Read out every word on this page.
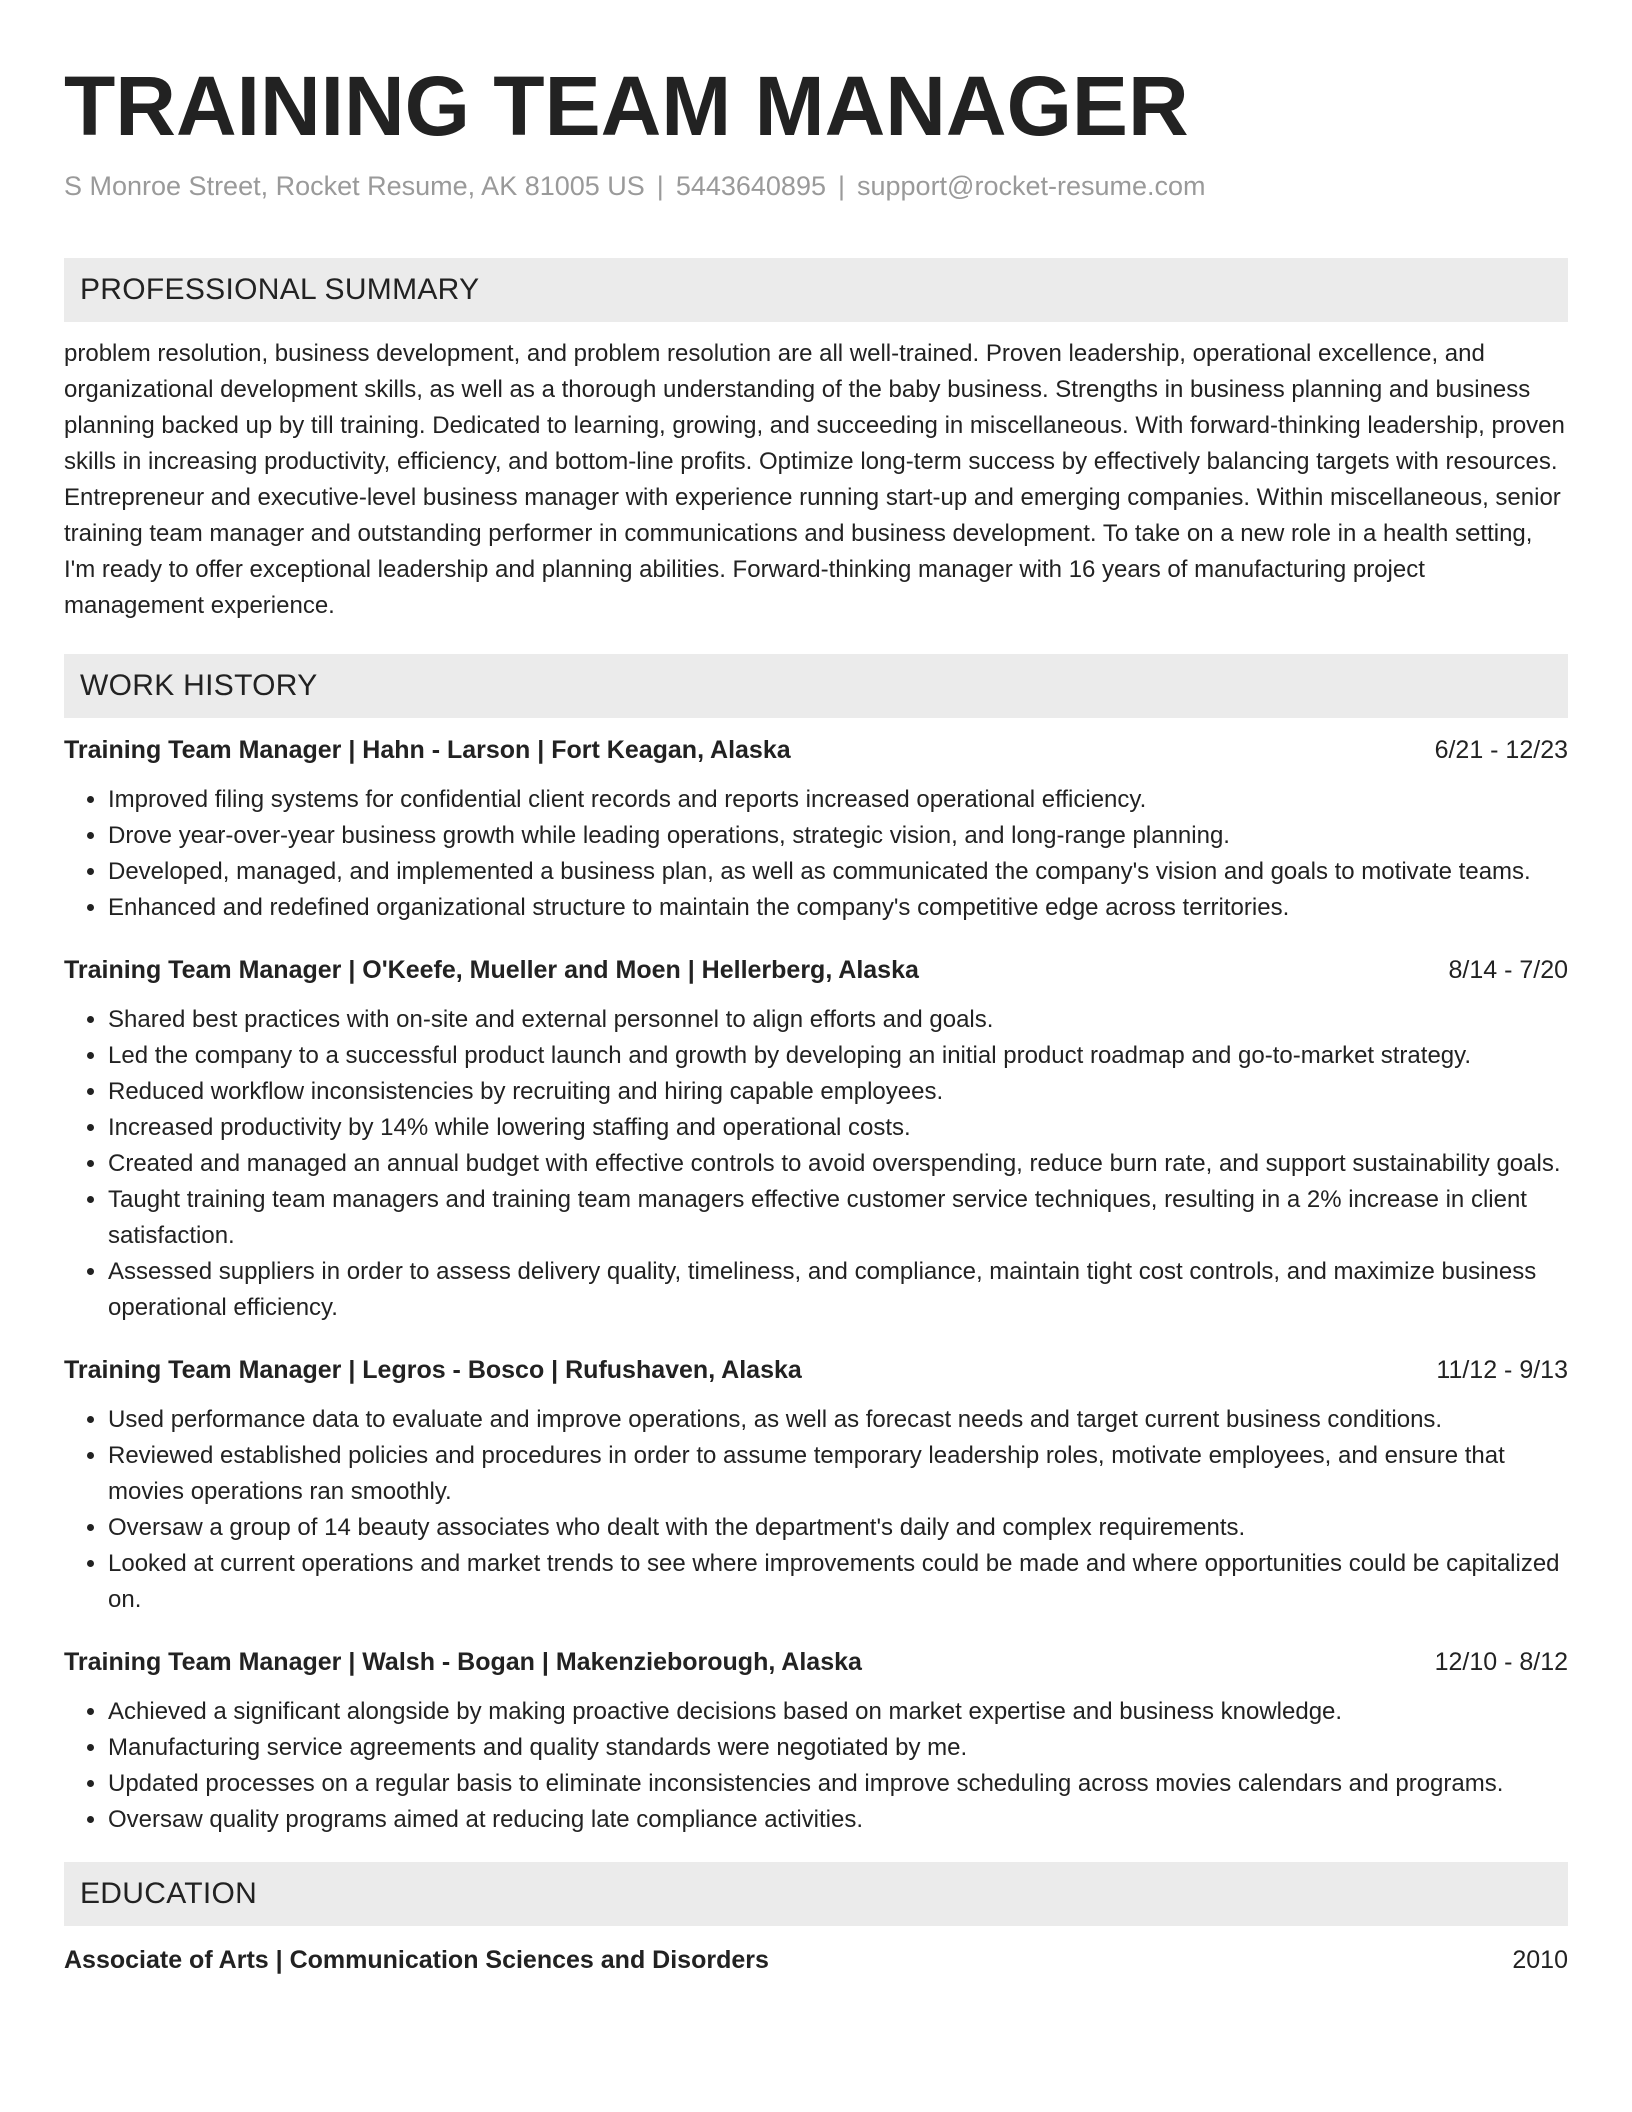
TRAINING TEAM MANAGER
S Monroe Street, Rocket Resume, AK 81005 US | 5443640895 | support@rocket-resume.com
PROFESSIONAL SUMMARY
problem resolution, business development, and problem resolution are all well-trained. Proven leadership, operational excellence, and organizational development skills, as well as a thorough understanding of the baby business. Strengths in business planning and business planning backed up by till training. Dedicated to learning, growing, and succeeding in miscellaneous. With forward-thinking leadership, proven skills in increasing productivity, efficiency, and bottom-line profits. Optimize long-term success by effectively balancing targets with resources. Entrepreneur and executive-level business manager with experience running start-up and emerging companies. Within miscellaneous, senior training team manager and outstanding performer in communications and business development. To take on a new role in a health setting, I'm ready to offer exceptional leadership and planning abilities. Forward-thinking manager with 16 years of manufacturing project management experience.
WORK HISTORY
Training Team Manager | Hahn - Larson | Fort Keagan, Alaska	6/21 - 12/23
• Improved filing systems for confidential client records and reports increased operational efficiency.
• Drove year-over-year business growth while leading operations, strategic vision, and long-range planning.
• Developed, managed, and implemented a business plan, as well as communicated the company's vision and goals to motivate teams.
• Enhanced and redefined organizational structure to maintain the company's competitive edge across territories.
Training Team Manager | O'Keefe, Mueller and Moen | Hellerberg, Alaska	8/14 - 7/20
• Shared best practices with on-site and external personnel to align efforts and goals.
• Led the company to a successful product launch and growth by developing an initial product roadmap and go-to-market strategy.
• Reduced workflow inconsistencies by recruiting and hiring capable employees.
• Increased productivity by 14% while lowering staffing and operational costs.
• Created and managed an annual budget with effective controls to avoid overspending, reduce burn rate, and support sustainability goals.
• Taught training team managers and training team managers effective customer service techniques, resulting in a 2% increase in client satisfaction.
• Assessed suppliers in order to assess delivery quality, timeliness, and compliance, maintain tight cost controls, and maximize business operational efficiency.
Training Team Manager | Legros - Bosco | Rufushaven, Alaska	11/12 - 9/13
• Used performance data to evaluate and improve operations, as well as forecast needs and target current business conditions.
• Reviewed established policies and procedures in order to assume temporary leadership roles, motivate employees, and ensure that movies operations ran smoothly.
• Oversaw a group of 14 beauty associates who dealt with the department's daily and complex requirements.
• Looked at current operations and market trends to see where improvements could be made and where opportunities could be capitalized on.
Training Team Manager | Walsh - Bogan | Makenzieborough, Alaska	12/10 - 8/12
• Achieved a significant alongside by making proactive decisions based on market expertise and business knowledge.
• Manufacturing service agreements and quality standards were negotiated by me.
• Updated processes on a regular basis to eliminate inconsistencies and improve scheduling across movies calendars and programs.
• Oversaw quality programs aimed at reducing late compliance activities.
EDUCATION
Associate of Arts | Communication Sciences and Disorders	2010
